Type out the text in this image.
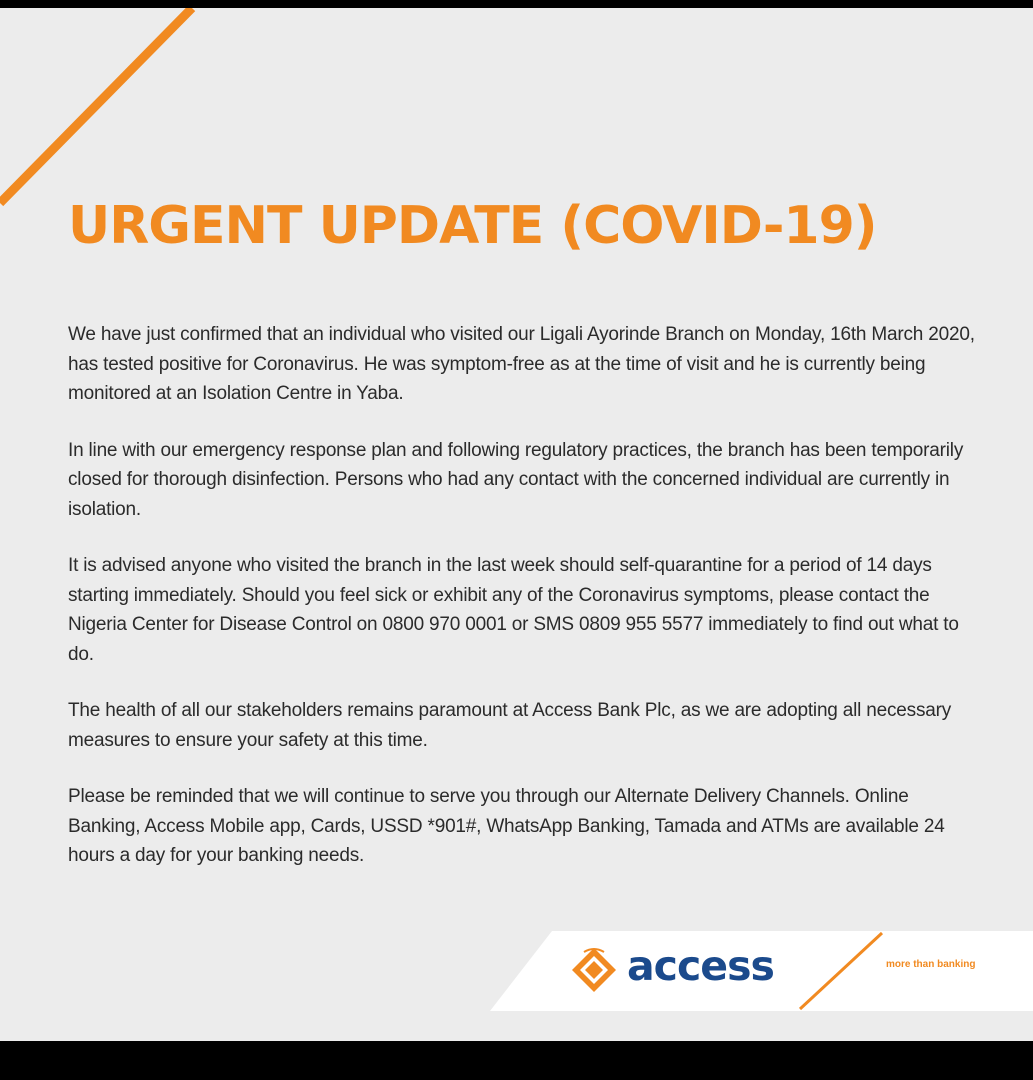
URGENT UPDATE (COVID-19)

We have just confirmed that an individual who visited our Ligali Ayorinde Branch on Monday, 16th March 2020, has tested positive for Coronavirus. He was symptom-free as at the time of visit and he is currently being monitored at an Isolation Centre in Yaba.

In line with our emergency response plan and following regulatory practices, the branch has been temporarily closed for thorough disinfection. Persons who had any contact with the concerned individual are currently in isolation.

It is advised anyone who visited the branch in the last week should self-quarantine for a period of 14 days starting immediately. Should you feel sick or exhibit any of the Coronavirus symptoms, please contact the Nigeria Center for Disease Control on 0800 970 0001 or SMS 0809 955 5577 immediately to find out what to do.

The health of all our stakeholders remains paramount at Access Bank Plc, as we are adopting all necessary measures to ensure your safety at this time.

Please be reminded that we will continue to serve you through our Alternate Delivery Channels. Online Banking, Access Mobile app, Cards, USSD *901#, WhatsApp Banking, Tamada and ATMs are available 24 hours a day for your banking needs.

access	more than banking
